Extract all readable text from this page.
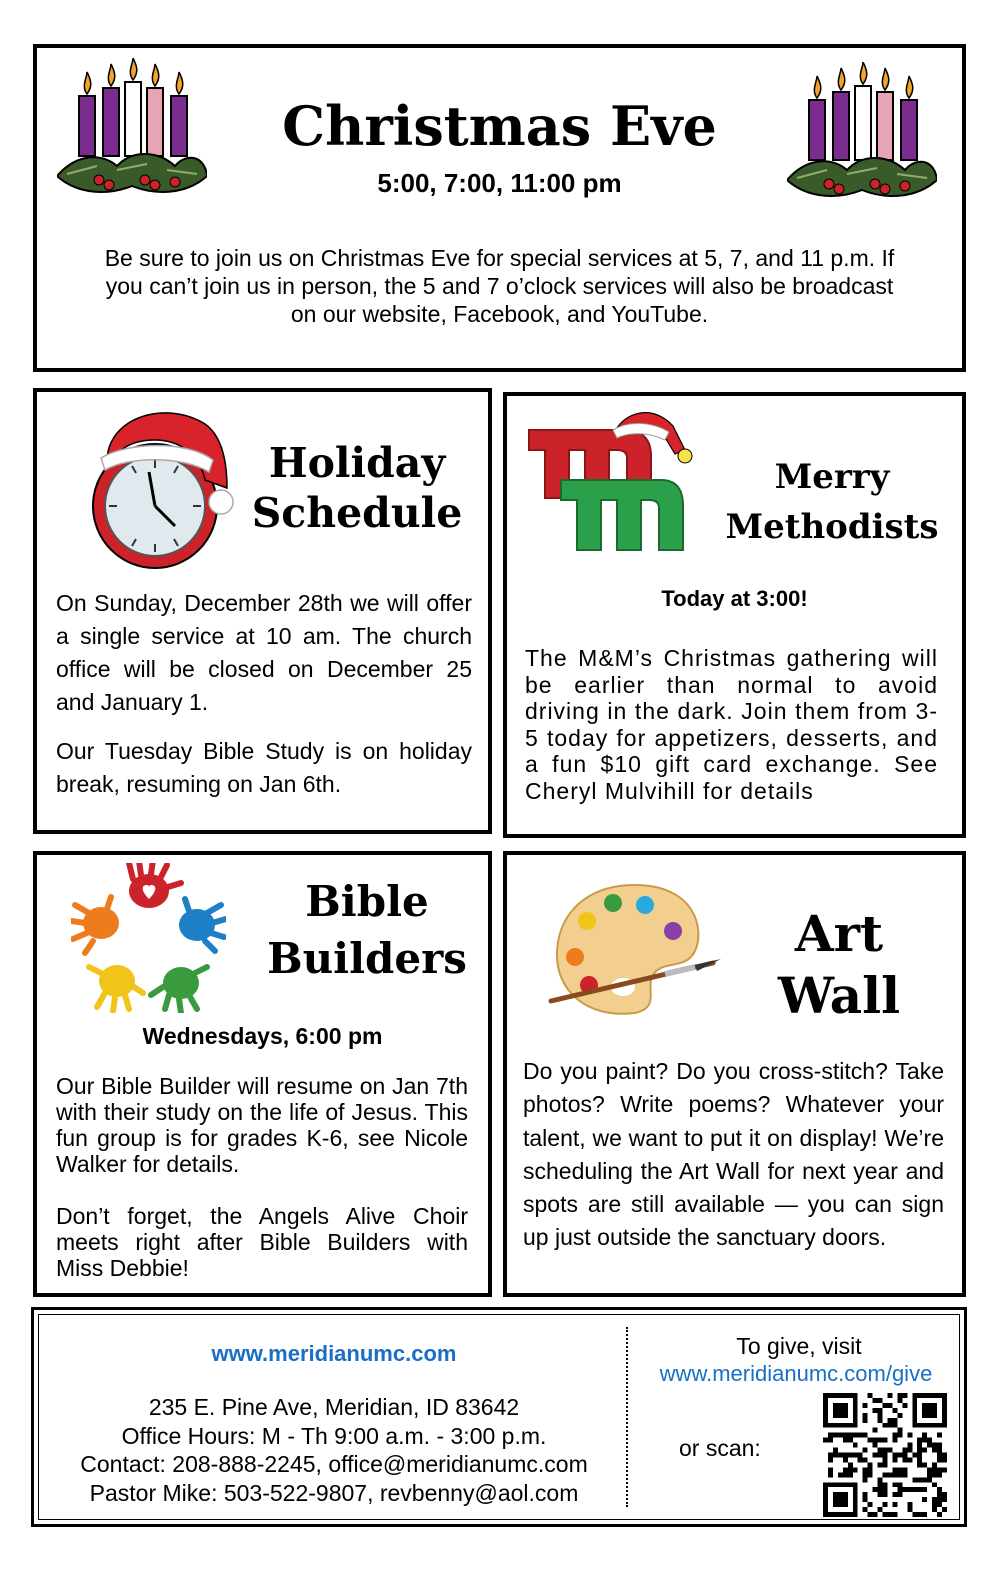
Christmas Eve
5:00, 7:00, 11:00 pm
Be sure to join us on Christmas Eve for special services at 5, 7, and 11 p.m. If you can’t join us in person, the 5 and 7 o’clock services will also be broadcast on our website, Facebook, and YouTube.
Holiday
Schedule

On Sunday, December 28th we will offer a single service at 10 am. The church office will be closed on December 25 and January 1.

Our Tuesday Bible Study is on holiday break, resuming on Jan 6th.

Merry
Methodists
Today at 3:00!
The M&M’s Christmas gathering will be earlier than normal to avoid driving in the dark. Join them from 3-5 today for appetizers, desserts, and a fun $10 gift card exchange. See Cheryl Mulvihill for details
Bible
Builders
Wednesdays, 6:00 pm

Our Bible Builder will resume on Jan 7th with their study on the life of Jesus. This fun group is for grades K-6, see Nicole Walker for details.

Don’t forget, the Angels Alive Choir meets right after Bible Builders with Miss Debbie!

Art
Wall
Do you paint? Do you cross-stitch? Take photos? Write poems? Whatever your talent, we want to put it on display! We’re scheduling the Art Wall for next year and spots are still available — you can sign up just outside the sanctuary doors.
www.meridianumc.com
235 E. Pine Ave, Meridian, ID 83642
Office Hours: M - Th 9:00 a.m. - 3:00 p.m.
Contact: 208-888-2245, office@meridianumc.com
Pastor Mike: 503-522-9807, revbenny@aol.com
To give, visit
www.meridianumc.com/give
or scan:
